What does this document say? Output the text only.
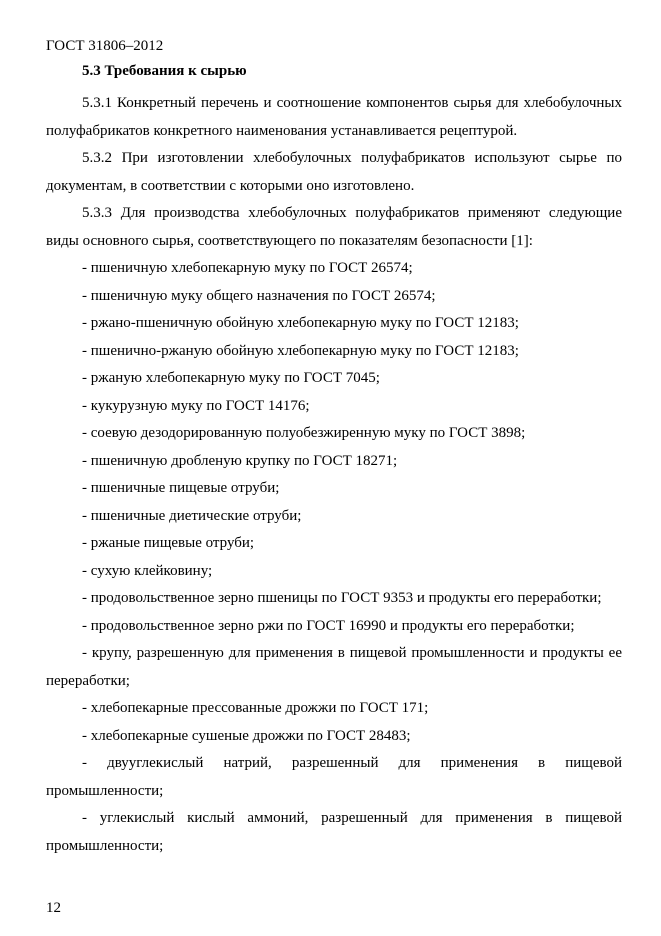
ГОСТ 31806–2012
5.3 Требования к сырью

5.3.1 Конкретный перечень и соотношение компонентов сырья для хлебобулочных полуфабрикатов конкретного наименования устанавливается рецептурой.

5.3.2 При изготовлении хлебобулочных полуфабрикатов используют сырье по документам, в соответствии с которыми оно изготовлено.

5.3.3 Для производства хлебобулочных полуфабрикатов применяют следующие виды основного сырья, соответствующего по показателям безопасности [1]:

- пшеничную хлебопекарную муку по ГОСТ 26574;

- пшеничную муку общего назначения по ГОСТ 26574;

- ржано-пшеничную обойную хлебопекарную муку по ГОСТ 12183;

- пшенично-ржаную обойную хлебопекарную муку по ГОСТ 12183;

- ржаную хлебопекарную муку по ГОСТ 7045;

- кукурузную муку по ГОСТ 14176;

- соевую дезодорированную полуобезжиренную муку по ГОСТ 3898;

- пшеничную дробленую крупку по ГОСТ 18271;

- пшеничные пищевые отруби;

- пшеничные диетические отруби;

- ржаные пищевые отруби;

- сухую клейковину;

- продовольственное зерно пшеницы по ГОСТ 9353 и продукты его переработки;

- продовольственное зерно ржи по ГОСТ 16990 и продукты его переработки;

- крупу, разрешенную для применения в пищевой промышленности и продукты ее переработки;

- хлебопекарные прессованные дрожжи по ГОСТ 171;

- хлебопекарные сушеные дрожжи по ГОСТ 28483;

- двууглекислый натрий, разрешенный для применения в пищевой промышленности;

- углекислый кислый аммоний, разрешенный для применения в пищевой промышленности;

12
